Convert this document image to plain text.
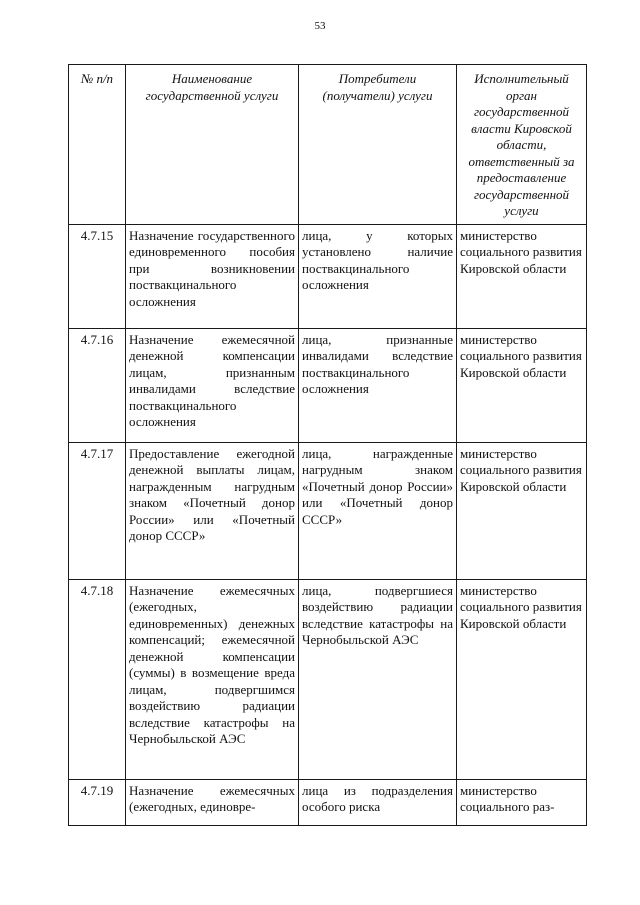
53
№ п/п	Наименование государственной услуги	Потребители (получатели) услуги	Исполнительный орган государственной власти Кировской области, ответственный за предоставление государственной услуги
4.7.15	Назначение государственного единовременного пособия при возникновении поствакцинального осложнения	лица, у которых установлено наличие поствакцинального осложнения	министерство социального развития Кировской области
4.7.16	Назначение ежемесячной денежной компенсации лицам, признанным инвалидами вследствие поствакцинального осложнения	лица, признанные инвалидами вследствие поствакцинального осложнения	министерство социального развития Кировской области
4.7.17	Предоставление ежегодной денежной выплаты лицам, награжденным нагрудным знаком «Почетный донор России» или «Почетный донор СССР»	лица, награжденные нагрудным знаком «Почетный донор России» или «Почетный донор СССР»	министерство социального развития Кировской области
4.7.18	Назначение ежемесячных (ежегодных, единовременных) денежных компенсаций; ежемесячной денежной компенсации (суммы) в возмещение вреда лицам, подвергшимся воздействию радиации вследствие катастрофы на Чернобыльской АЭС	лица, подвергшиеся воздействию радиации вследствие катастрофы на Чернобыльской АЭС	министерство социального развития Кировской области
4.7.19	Назначение ежемесячных (ежегодных, единовре-	лица из подразделения особого риска	министерство социального раз-
